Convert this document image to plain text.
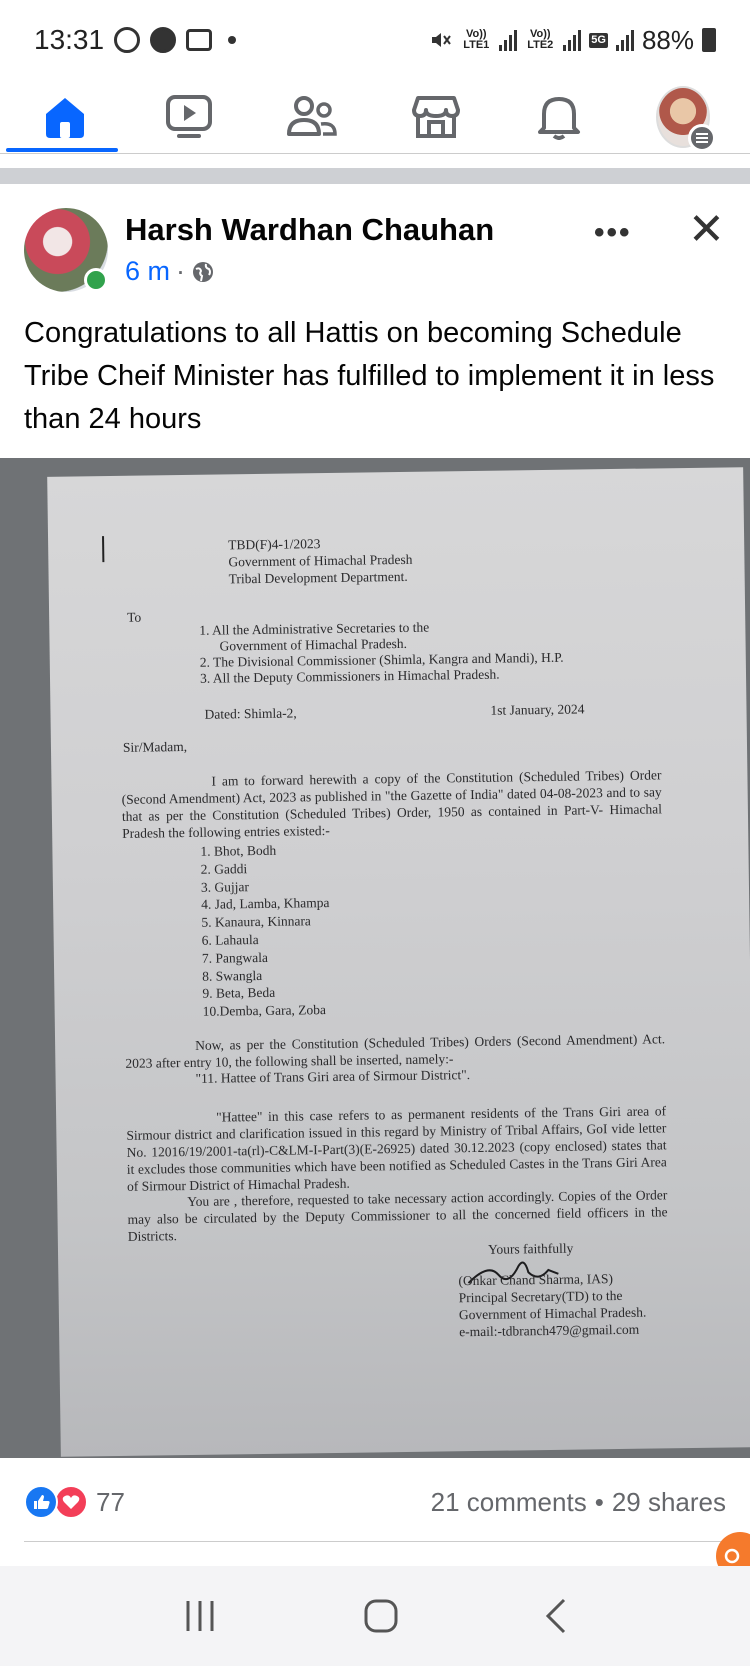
13:31	Vo)) LTE1
Vo)) LTE2	5G 88%
Harsh Wardhan Chauhan
6 m ·
••• ✕
Congratulations to all Hattis on becoming Schedule Tribe Cheif Minister has fulfilled to implement it in less than 24 hours
TBD(F)4-1/2023
Government of Himachal Pradesh
Tribal Development Department.
To
1. All the Administrative Secretaries to the
Government of Himachal Pradesh.
2. The Divisional Commissioner (Shimla, Kangra and Mandi), H.P.
3. All the Deputy Commissioners in Himachal Pradesh.
Dated: Shimla-2,	1st January, 2024
Sir/Madam,
I am to forward herewith a copy of the Constitution (Scheduled Tribes) Order (Second Amendment) Act, 2023 as published in "the Gazette of India" dated 04-08-2023 and to say that as per the Constitution (Scheduled Tribes) Order, 1950 as contained in Part-V- Himachal Pradesh the following entries existed:-
1. Bhot, Bodh
2. Gaddi
3. Gujjar
4. Jad, Lamba, Khampa
5. Kanaura, Kinnara
6. Lahaula
7. Pangwala
8. Swangla
9. Beta, Beda
10.Demba, Gara, Zoba
Now, as per the Constitution (Scheduled Tribes) Orders (Second Amendment) Act. 2023 after entry 10, the following shall be inserted, namely:-
"11. Hattee of Trans Giri area of Sirmour District".
"Hattee" in this case refers to as permanent residents of the Trans Giri area of Sirmour district and clarification issued in this regard by Ministry of Tribal Affairs, GoI vide letter No. 12016/19/2001-ta(rl)-C&LM-I-Part(3)(E-26925) dated 30.12.2023 (copy enclosed) states that it excludes those communities which have been notified as Scheduled Castes in the Trans Giri Area of Sirmour District of Himachal Pradesh.
You are , therefore, requested to take necessary action accordingly. Copies of the Order may also be circulated by the Deputy Commissioner to all the concerned field officers in the Districts.
Yours faithfully
(Onkar Chand Sharma, IAS)
Principal Secretary(TD) to the
Government of Himachal Pradesh.
e-mail:-tdbranch479@gmail.com
77	21 comments • 29 shares
